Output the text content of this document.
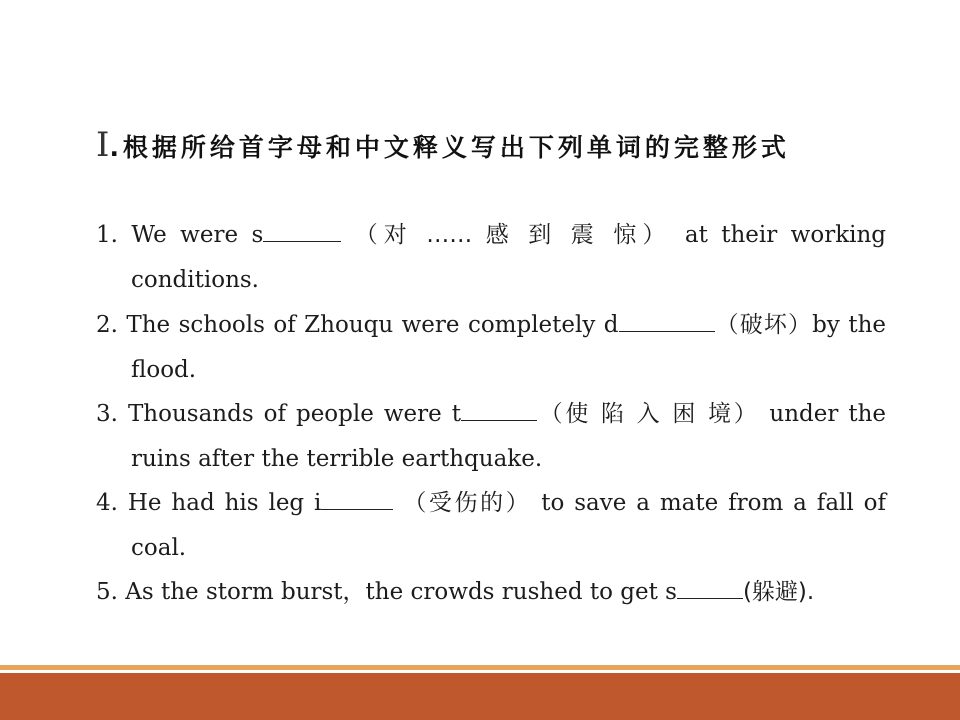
Ⅰ.根据所给首字母和中文释义写出下列单词的完整形式
1. We were s	（对 …… 感 到 震 惊） at their working
conditions.
2. The schools of Zhouqu were completely d	（破坏）by the
flood.
3. Thousands of people were t	（使 陷 入 困 境） under the
ruins after the terrible earthquake.
4. He had his leg i	（受伤的） to save a mate from a fall of
coal.
5. As the storm burst，the crowds rushed to get s	(躲避).
